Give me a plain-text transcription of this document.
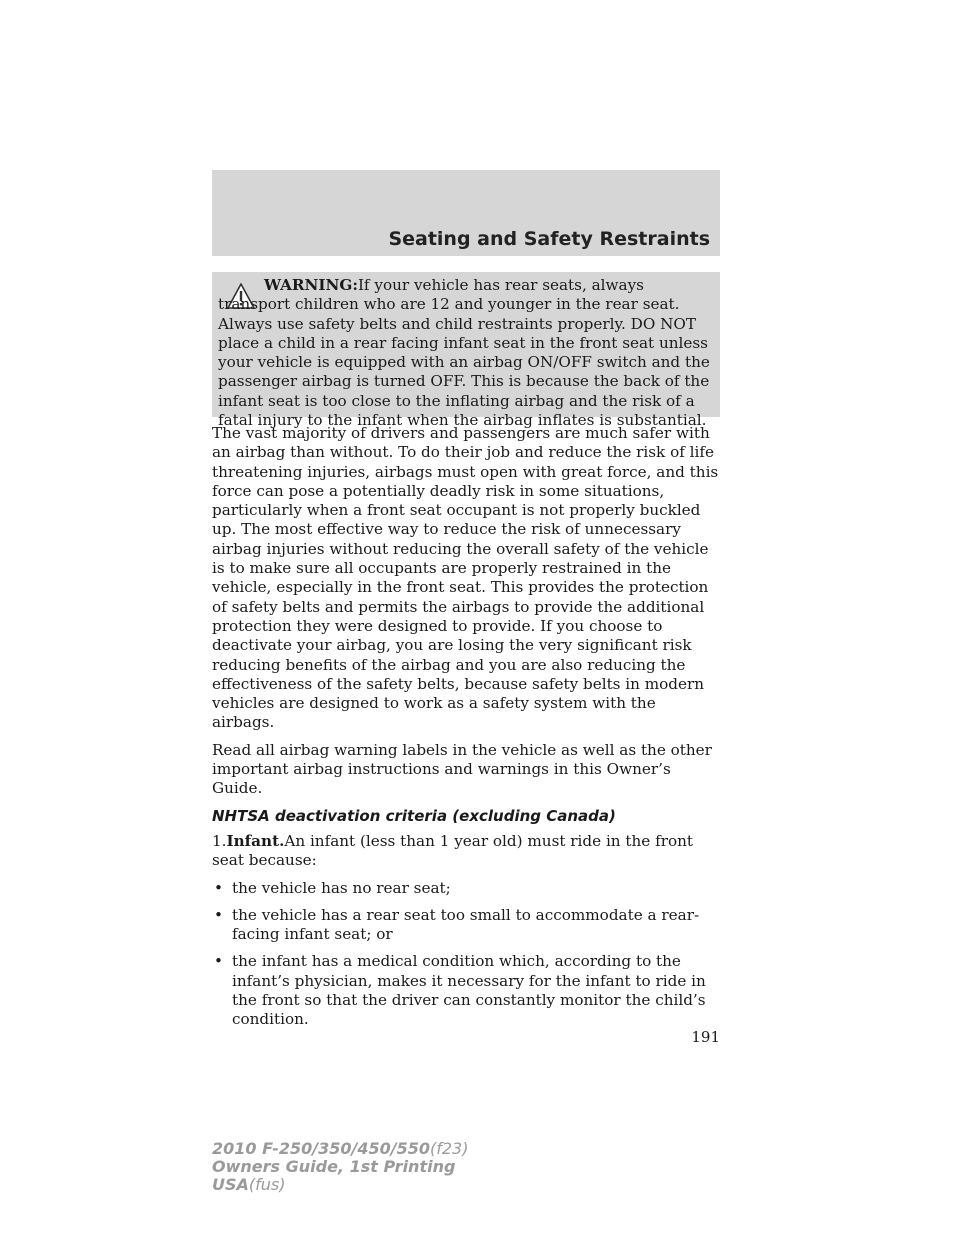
Seating and Safety Restraints
WARNING:If your vehicle has rear seats, always transport children who are 12 and younger in the rear seat. Always use safety belts and child restraints properly. DO NOT place a child in a rear facing infant seat in the front seat unless your vehicle is equipped with an airbag ON/OFF switch and the passenger airbag is turned OFF. This is because the back of the infant seat is too close to the inflating airbag and the risk of a fatal injury to the infant when the airbag inflates is substantial.

The vast majority of drivers and passengers are much safer with an airbag than without. To do their job and reduce the risk of life threatening injuries, airbags must open with great force, and this force can pose a potentially deadly risk in some situations, particularly when a front seat occupant is not properly buckled up. The most effective way to reduce the risk of unnecessary airbag injuries without reducing the overall safety of the vehicle is to make sure all occupants are properly restrained in the vehicle, especially in the front seat. This provides the protection of safety belts and permits the airbags to provide the additional protection they were designed to provide. If you choose to deactivate your airbag, you are losing the very significant risk reducing benefits of the airbag and you are also reducing the effectiveness of the safety belts, because safety belts in modern vehicles are designed to work as a safety system with the airbags.

Read all airbag warning labels in the vehicle as well as the other important airbag instructions and warnings in this Owner’s Guide.

NHTSA deactivation criteria (excluding Canada)

1.Infant.An infant (less than 1 year old) must ride in the front seat because:

• the vehicle has no rear seat;
• the vehicle has a rear seat too small to accommodate a rear-facing infant seat; or
• the infant has a medical condition which, according to the infant’s physician, makes it necessary for the infant to ride in the front so that the driver can constantly monitor the child’s condition.
191
2010 F-250/350/450/550(f23)
Owners Guide, 1st Printing
USA(fus)
